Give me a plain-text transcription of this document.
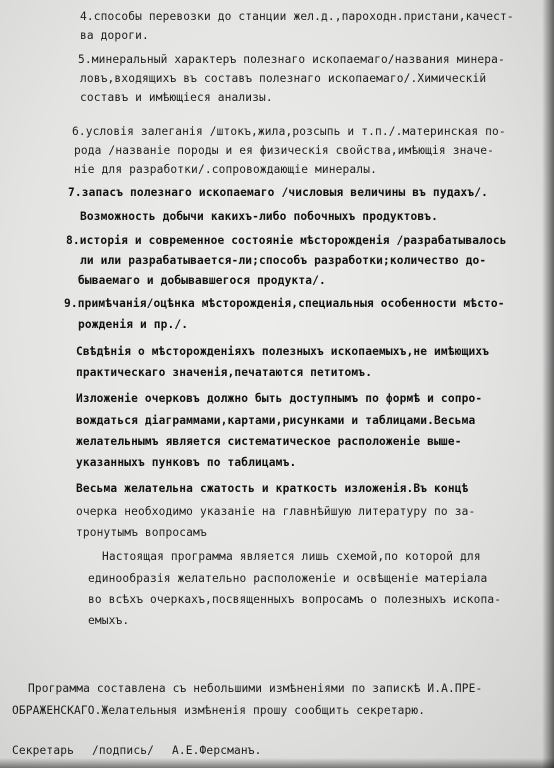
4.способы перевозки до станции жел.д.,пароходн.пристани,качест-
ва дороги.
5.минеральный характеръ полезнаго ископаемаго/названия минера-
ловъ,входящихъ въ составъ полезнаго ископаемаго/.Химическій
составъ и имѣющіеся анализы.
6.условія залеганія /штокъ,жила,розсыпь и т.п./.материнская по-
рода /названіе породы и ея физическія свойства,имѣющія значе-
ніе для разработки/.сопровождающіе минералы.
7.запасъ полезнаго ископаемаго /числовыя величины въ пудахъ/.
Возможность добычи какихъ-либо побочныхъ продуктовъ.
8.исторія и современное состояніе мѣсторожденія /разрабатывалось
ли или разрабатывается-ли;способъ разработки;количество до-
бываемаго и добывавшегося продукта/.
9.примѣчанія/оцѣнка мѣсторожденія,специальныя особенности мѣсто-
рожденія и пр./.
Свѣдѣнія о мѣсторожденіяхъ полезныхъ ископаемыхъ,не имѣющихъ
практическаго значенія,печатаются петитомъ.
Изложеніе очерковъ должно быть доступнымъ по формѣ и сопро-
вождаться діаграммами,картами,рисунками и таблицами.Весьма
желательнымъ является систематическое расположеніе выше-
указанныхъ пунковъ по таблицамъ.
Весьма желательна сжатость и краткость изложенія.Въ концѣ
очерка необходимо указаніе на главнѣйшую литературу по за-
тронутымъ вопросамъ
Настоящая программа является лишь схемой,по которой для
единообразія желательно расположеніе и освѣщеніе матеріала
во всѣхъ очеркахъ,посвященныхъ вопросамъ о полезныхъ ископа-
емыхъ.
Программа составлена съ небольшими измѣненіями по запискѣ И.А.ПРЕ-
ОБРАЖЕНСКАГО.Желательныя измѣненія прошу сообщить секретарю.
Секретарь /подпись/ А.Е.Ферсманъ.
